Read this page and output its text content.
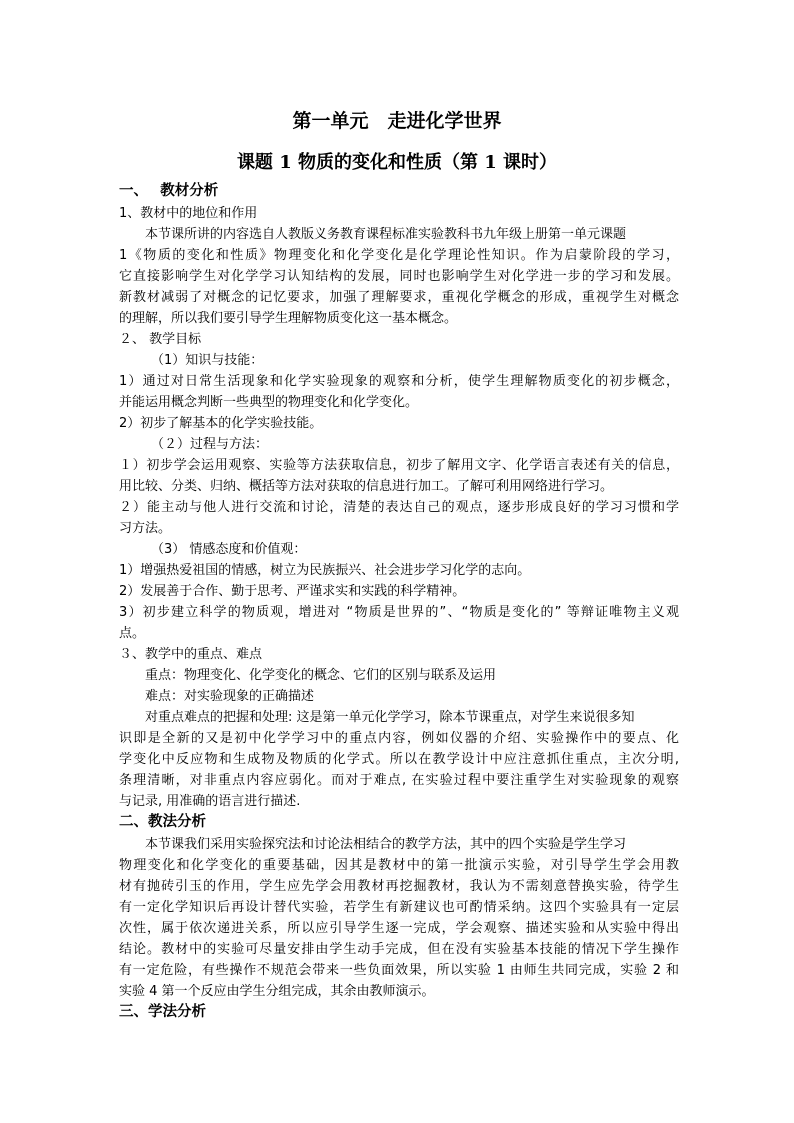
第一单元　走进化学世界
课题 1 物质的变化和性质（第 1 课时）
一、　 教材分析
1、教材中的地位和作用
本节课所讲的内容选自人教版义务教育课程标准实验教科书九年级上册第一单元课题
1《物质的变化和性质》物理变化和化学变化是化学理论性知识。作为启蒙阶段的学习，
它直接影响学生对化学学习认知结构的发展，同时也影响学生对化学进一步的学习和发展。
新教材减弱了对概念的记忆要求，加强了理解要求，重视化学概念的形成，重视学生对概念
的理解，所以我们要引导学生理解物质变化这一基本概念。
２、 教学目标
（1）知识与技能：
1）通过对日常生活现象和化学实验现象的观察和分析，使学生理解物质变化的初步概念，
并能运用概念判断一些典型的物理变化和化学变化。
2）初步了解基本的化学实验技能。
（２）过程与方法：
１）初步学会运用观察、实验等方法获取信息，初步了解用文字、化学语言表述有关的信息，
用比较、分类、归纳、概括等方法对获取的信息进行加工。了解可利用网络进行学习。
２）能主动与他人进行交流和讨论，清楚的表达自己的观点，逐步形成良好的学习习惯和学
习方法。
（3） 情感态度和价值观：
1）增强热爱祖国的情感，树立为民族振兴、社会进步学习化学的志向。
2）发展善于合作、勤于思考、严谨求实和实践的科学精神。
3）初步建立科学的物质观，增进对 “物质是世界的”、“物质是变化的” 等辩证唯物主义观
点。
３、教学中的重点、难点
重点：物理变化、化学变化的概念、它们的区别与联系及运用
难点：对实验现象的正确描述
对重点难点的把握和处理: 这是第一单元化学学习，除本节课重点，对学生来说很多知
识即是全新的又是初中化学学习中的重点内容，例如仪器的介绍、实验操作中的要点、化
学变化中反应物和生成物及物质的化学式。所以在教学设计中应注意抓住重点，主次分明,
条理清晰，对非重点内容应弱化。而对于难点, 在实验过程中要注重学生对实验现象的观察
与记录, 用准确的语言进行描述.
二、教法分析
本节课我们采用实验探究法和讨论法相结合的教学方法，其中的四个实验是学生学习
物理变化和化学变化的重要基础，因其是教材中的第一批演示实验，对引导学生学会用教
材有抛砖引玉的作用，学生应先学会用教材再挖掘教材，我认为不需刻意替换实验，待学生
有一定化学知识后再设计替代实验，若学生有新建议也可酌情采纳。这四个实验具有一定层
次性，属于依次递进关系，所以应引导学生逐一完成，学会观察、描述实验和从实验中得出
结论。教材中的实验可尽量安排由学生动手完成，但在没有实验基本技能的情况下学生操作
有一定危险，有些操作不规范会带来一些负面效果，所以实验 1 由师生共同完成，实验 2 和
实验 4 第一个反应由学生分组完成，其余由教师演示。
三、学法分析
